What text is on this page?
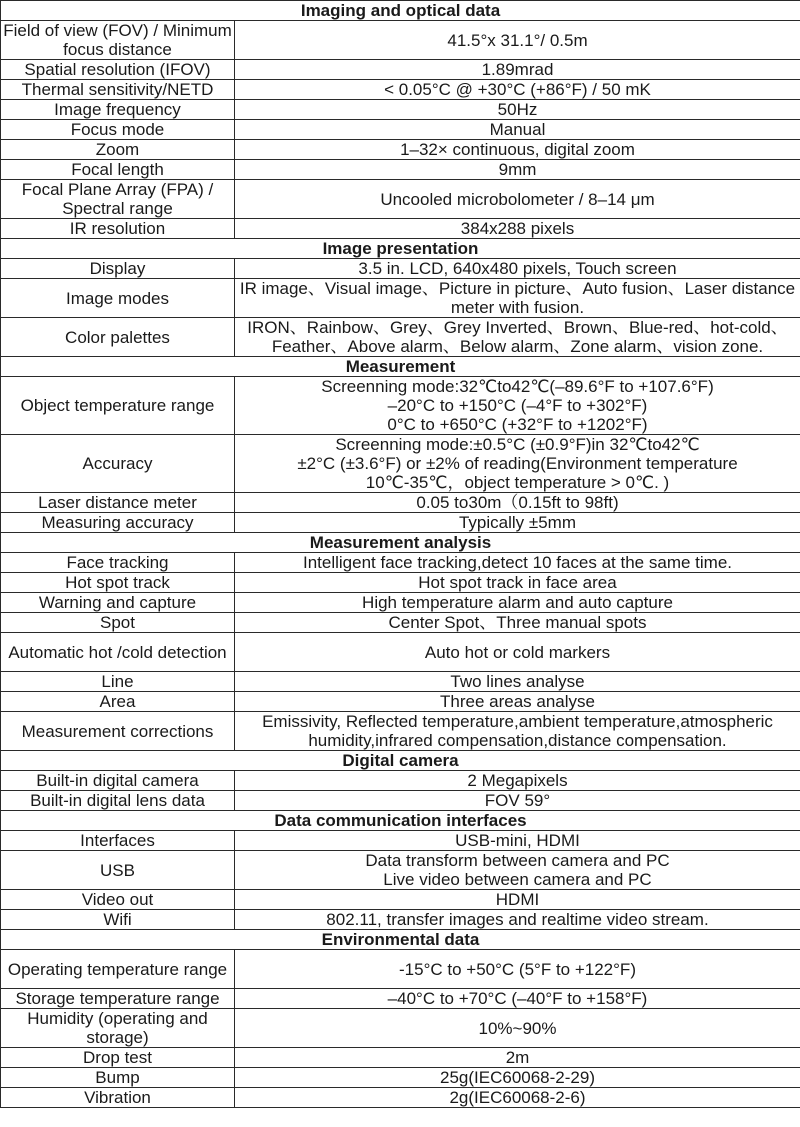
Imaging and optical data	
Field of view (FOV) / Minimum focus distance	41.5°x 31.1°/ 0.5m
Spatial resolution (IFOV)	1.89mrad
Thermal sensitivity/NETD	< 0.05°C @ +30°C (+86°F) / 50 mK
Image frequency	50Hz
Focus mode	Manual
Zoom	1–32× continuous, digital zoom
Focal length	9mm
Focal Plane Array (FPA) / Spectral range	Uncooled microbolometer / 8–14 μm
IR resolution	384x288 pixels
Image presentation	
Display	3.5 in. LCD, 640x480 pixels, Touch screen
Image modes	IR image、Visual image、Picture in picture、Auto fusion、Laser distance meter with fusion.
Color palettes	IRON、Rainbow、Grey、Grey Inverted、Brown、Blue-red、hot-cold、Feather、Above alarm、Below alarm、Zone alarm、vision zone.
Measurement	
Object temperature range	Screenning mode:32℃to42℃(–89.6°F to +107.6°F)
–20°C to +150°C (–4°F to +302°F)
0°C to +650°C (+32°F to +1202°F)
Accuracy	Screenning mode:±0.5°C (±0.9°F)in 32℃to42℃
±2°C (±3.6°F) or ±2% of reading(Environment temperature
10℃-35℃，object temperature > 0℃. )
Laser distance meter	0.05 to30m（0.15ft to 98ft)
Measuring accuracy	Typically ±5mm
Measurement analysis	
Face tracking	Intelligent face tracking,detect 10 faces at the same time.
Hot spot track	Hot spot track in face area
Warning and capture	High temperature alarm and auto capture
Spot	Center Spot、Three manual spots
Automatic hot /cold detection	Auto hot or cold markers
Line	Two lines analyse
Area	Three areas analyse
Measurement corrections	Emissivity, Reflected temperature,ambient temperature,atmospheric humidity,infrared compensation,distance compensation.
Digital camera	
Built-in digital camera	2 Megapixels
Built-in digital lens data	FOV 59°
Data communication interfaces	
Interfaces	USB-mini, HDMI
USB	Data transform between camera and PC
Live video between camera and PC
Video out	HDMI
Wifi	802.11, transfer images and realtime video stream.
Environmental data	
Operating temperature range	-15°C to +50°C (5°F to +122°F)
Storage temperature range	–40°C to +70°C (–40°F to +158°F)
Humidity (operating and storage)	10%~90%
Drop test	2m
Bump	25g(IEC60068-2-29)
Vibration	2g(IEC60068-2-6)
